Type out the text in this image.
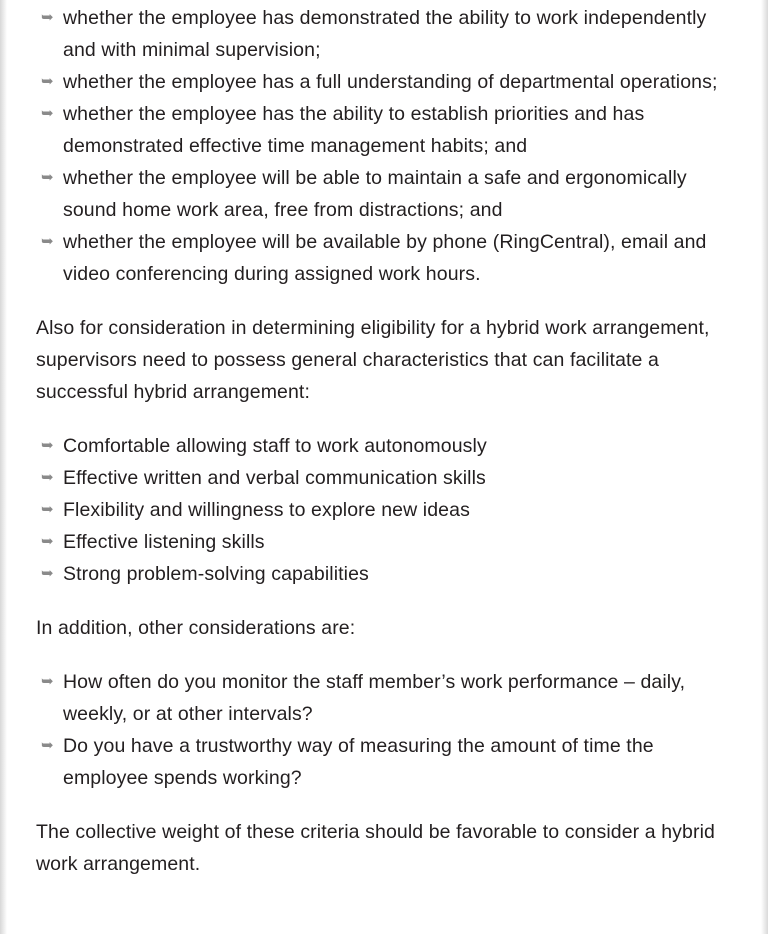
➥ whether the employee has demonstrated the ability to work independently and with minimal supervision;
➥ whether the employee has a full understanding of departmental operations;
➥ whether the employee has the ability to establish priorities and has demonstrated effective time management habits; and
➥ whether the employee will be able to maintain a safe and ergonomically sound home work area, free from distractions; and
➥ whether the employee will be available by phone (RingCentral), email and video conferencing during assigned work hours.

Also for consideration in determining eligibility for a hybrid work arrangement, supervisors need to possess general characteristics that can facilitate a successful hybrid arrangement:

➥ Comfortable allowing staff to work autonomously
➥ Effective written and verbal communication skills
➥ Flexibility and willingness to explore new ideas
➥ Effective listening skills
➥ Strong problem-solving capabilities

In addition, other considerations are:

➥ How often do you monitor the staff member’s work performance – daily, weekly, or at other intervals?
➥ Do you have a trustworthy way of measuring the amount of time the employee spends working?

The collective weight of these criteria should be favorable to consider a hybrid work arrangement.
